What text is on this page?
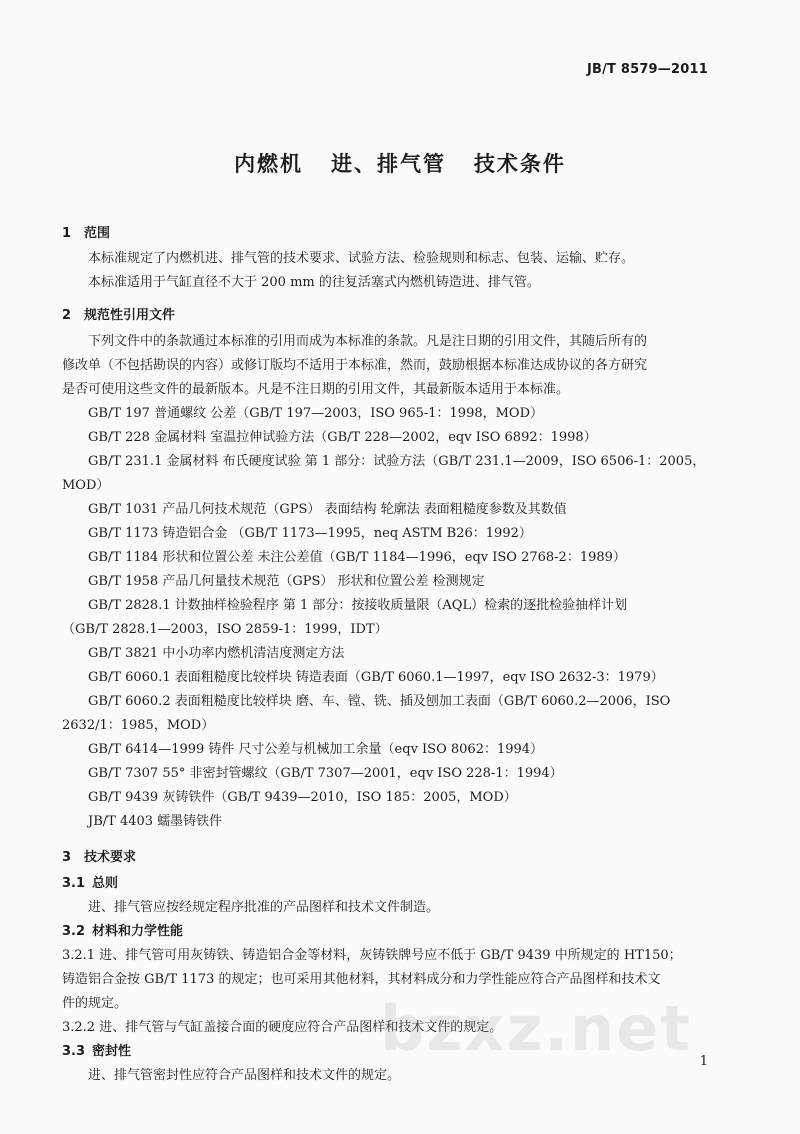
JB/T 8579—2011
内燃机   进、排气管   技术条件
1 范围
本标准规定了内燃机进、排气管的技术要求、试验方法、检验规则和标志、包装、运输、贮存。
本标准适用于气缸直径不大于 200 mm 的往复活塞式内燃机铸造进、排气管。
2 规范性引用文件
下列文件中的条款通过本标准的引用而成为本标准的条款。凡是注日期的引用文件，其随后所有的
修改单（不包括勘误的内容）或修订版均不适用于本标准，然而，鼓励根据本标准达成协议的各方研究
是否可使用这些文件的最新版本。凡是不注日期的引用文件，其最新版本适用于本标准。
GB/T 197 普通螺纹 公差（GB/T 197—2003，ISO 965-1：1998，MOD）
GB/T 228 金属材料 室温拉伸试验方法（GB/T 228—2002，eqv ISO 6892：1998）
GB/T 231.1 金属材料 布氏硬度试验 第 1 部分：试验方法（GB/T 231.1—2009，ISO 6506-1：2005，
MOD）
GB/T 1031 产品几何技术规范（GPS） 表面结构 轮廓法 表面粗糙度参数及其数值
GB/T 1173 铸造铝合金 （GB/T 1173—1995，neq ASTM B26：1992）
GB/T 1184 形状和位置公差 未注公差值（GB/T 1184—1996，eqv ISO 2768-2：1989）
GB/T 1958 产品几何量技术规范（GPS） 形状和位置公差 检测规定
GB/T 2828.1 计数抽样检验程序 第 1 部分：按接收质量限（AQL）检索的逐批检验抽样计划
（GB/T 2828.1—2003，ISO 2859-1：1999，IDT）
GB/T 3821 中小功率内燃机清洁度测定方法
GB/T 6060.1 表面粗糙度比较样块 铸造表面（GB/T 6060.1—1997，eqv ISO 2632-3：1979）
GB/T 6060.2 表面粗糙度比较样块 磨、车、镗、铣、插及刨加工表面（GB/T 6060.2—2006，ISO
2632/1：1985，MOD）
GB/T 6414—1999 铸件 尺寸公差与机械加工余量（eqv ISO 8062：1994）
GB/T 7307 55° 非密封管螺纹（GB/T 7307—2001，eqv ISO 228-1：1994）
GB/T 9439 灰铸铁件（GB/T 9439—2010，ISO 185：2005，MOD）
JB/T 4403 蠕墨铸铁件
3 技术要求
3.1 总则
进、排气管应按经规定程序批准的产品图样和技术文件制造。
3.2 材料和力学性能
3.2.1 进、排气管可用灰铸铁、铸造铝合金等材料，灰铸铁牌号应不低于 GB/T 9439 中所规定的 HT150；
铸造铝合金按 GB/T 1173 的规定；也可采用其他材料，其材料成分和力学性能应符合产品图样和技术文
件的规定。
3.2.2 进、排气管与气缸盖接合面的硬度应符合产品图样和技术文件的规定。
3.3 密封性
进、排气管密封性应符合产品图样和技术文件的规定。
bzxz.net 1
